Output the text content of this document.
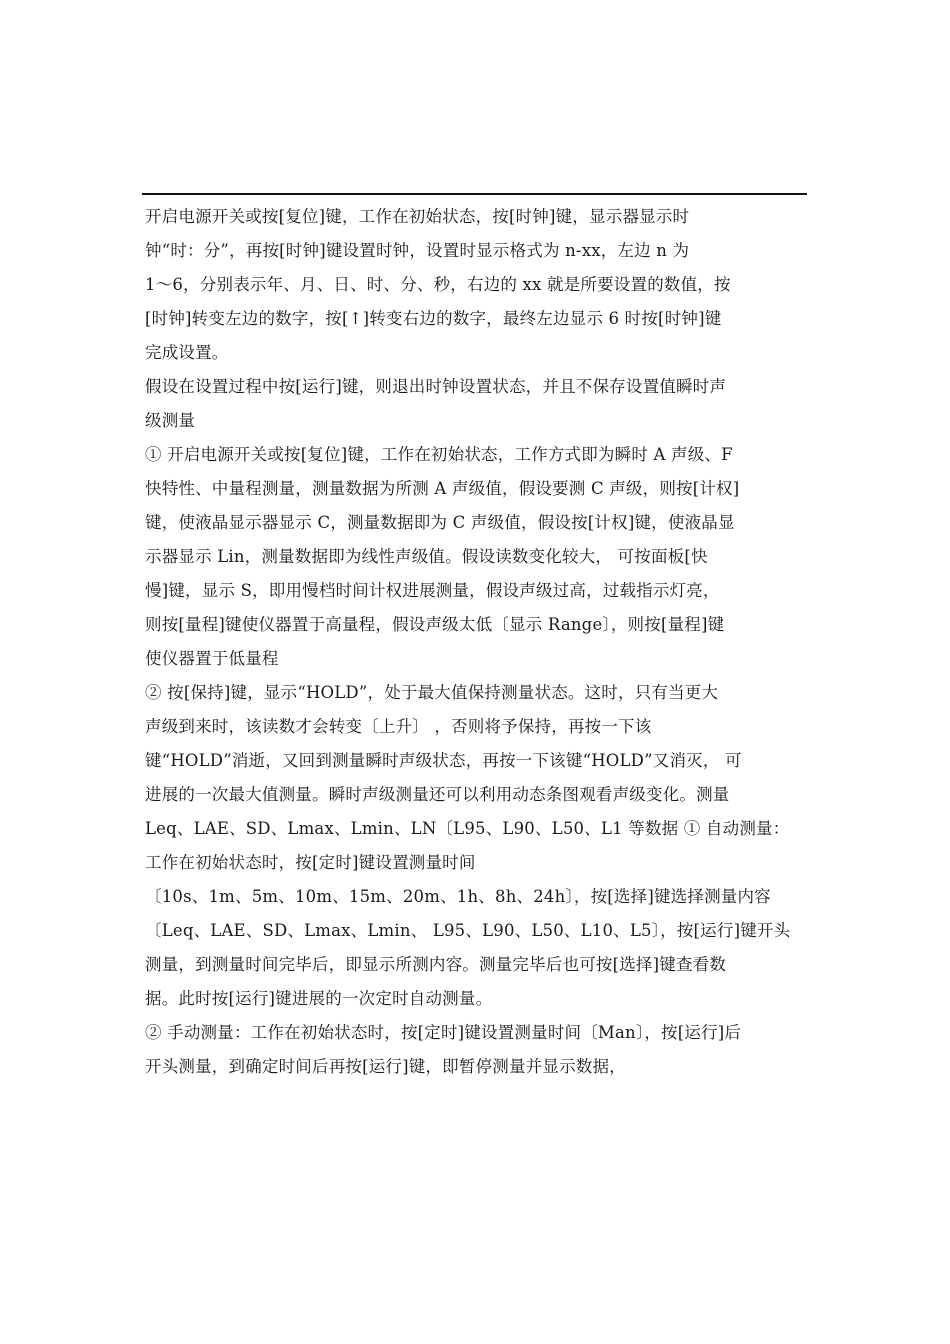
开启电源开关或按[复位]键，工作在初始状态，按[时钟]键，显示器显示时
钟“时：分”，再按[时钟]键设置时钟，设置时显示格式为 n-xx，左边 n 为
1～6，分别表示年、月、日、时、分、秒，右边的 xx 就是所要设置的数值，按
[时钟]转变左边的数字，按[↑]转变右边的数字，最终左边显示 6 时按[时钟]键
完成设置。
假设在设置过程中按[运行]键，则退出时钟设置状态，并且不保存设置值瞬时声
级测量
① 开启电源开关或按[复位]键，工作在初始状态，工作方式即为瞬时 A 声级、F
快特性、中量程测量，测量数据为所测 A 声级值，假设要测 C 声级，则按[计权]
键，使液晶显示器显示 C，测量数据即为 C 声级值，假设按[计权]键，使液晶显
示器显示 Lin，测量数据即为线性声级值。假设读数变化较大， 可按面板[快
慢]键，显示 S，即用慢档时间计权进展测量，假设声级过高，过载指示灯亮，
则按[量程]键使仪器置于高量程，假设声级太低〔显示 Range〕，则按[量程]键
使仪器置于低量程
② 按[保持]键，显示“HOLD”，处于最大值保持测量状态。这时，只有当更大
声级到来时，该读数才会转变〔上升〕 ，否则将予保持，再按一下该
键“HOLD”消逝，又回到测量瞬时声级状态，再按一下该键“HOLD”又消灭， 可
进展的一次最大值测量。瞬时声级测量还可以利用动态条图观看声级变化。测量
Leq、LAE、SD、Lmax、Lmin、LN〔L95、L90、L50、L1 等数据 ① 自动测量：
工作在初始状态时，按[定时]键设置测量时间
〔10s、1m、5m、10m、15m、20m、1h、8h、24h〕，按[选择]键选择测量内容
〔Leq、LAE、SD、Lmax、Lmin、 L95、L90、L50、L10、L5〕，按[运行]键开头
测量，到测量时间完毕后，即显示所测内容。测量完毕后也可按[选择]键查看数
据。此时按[运行]键进展的一次定时自动测量。
② 手动测量：工作在初始状态时，按[定时]键设置测量时间〔Man〕，按[运行]后
开头测量，到确定时间后再按[运行]键，即暂停测量并显示数据，
